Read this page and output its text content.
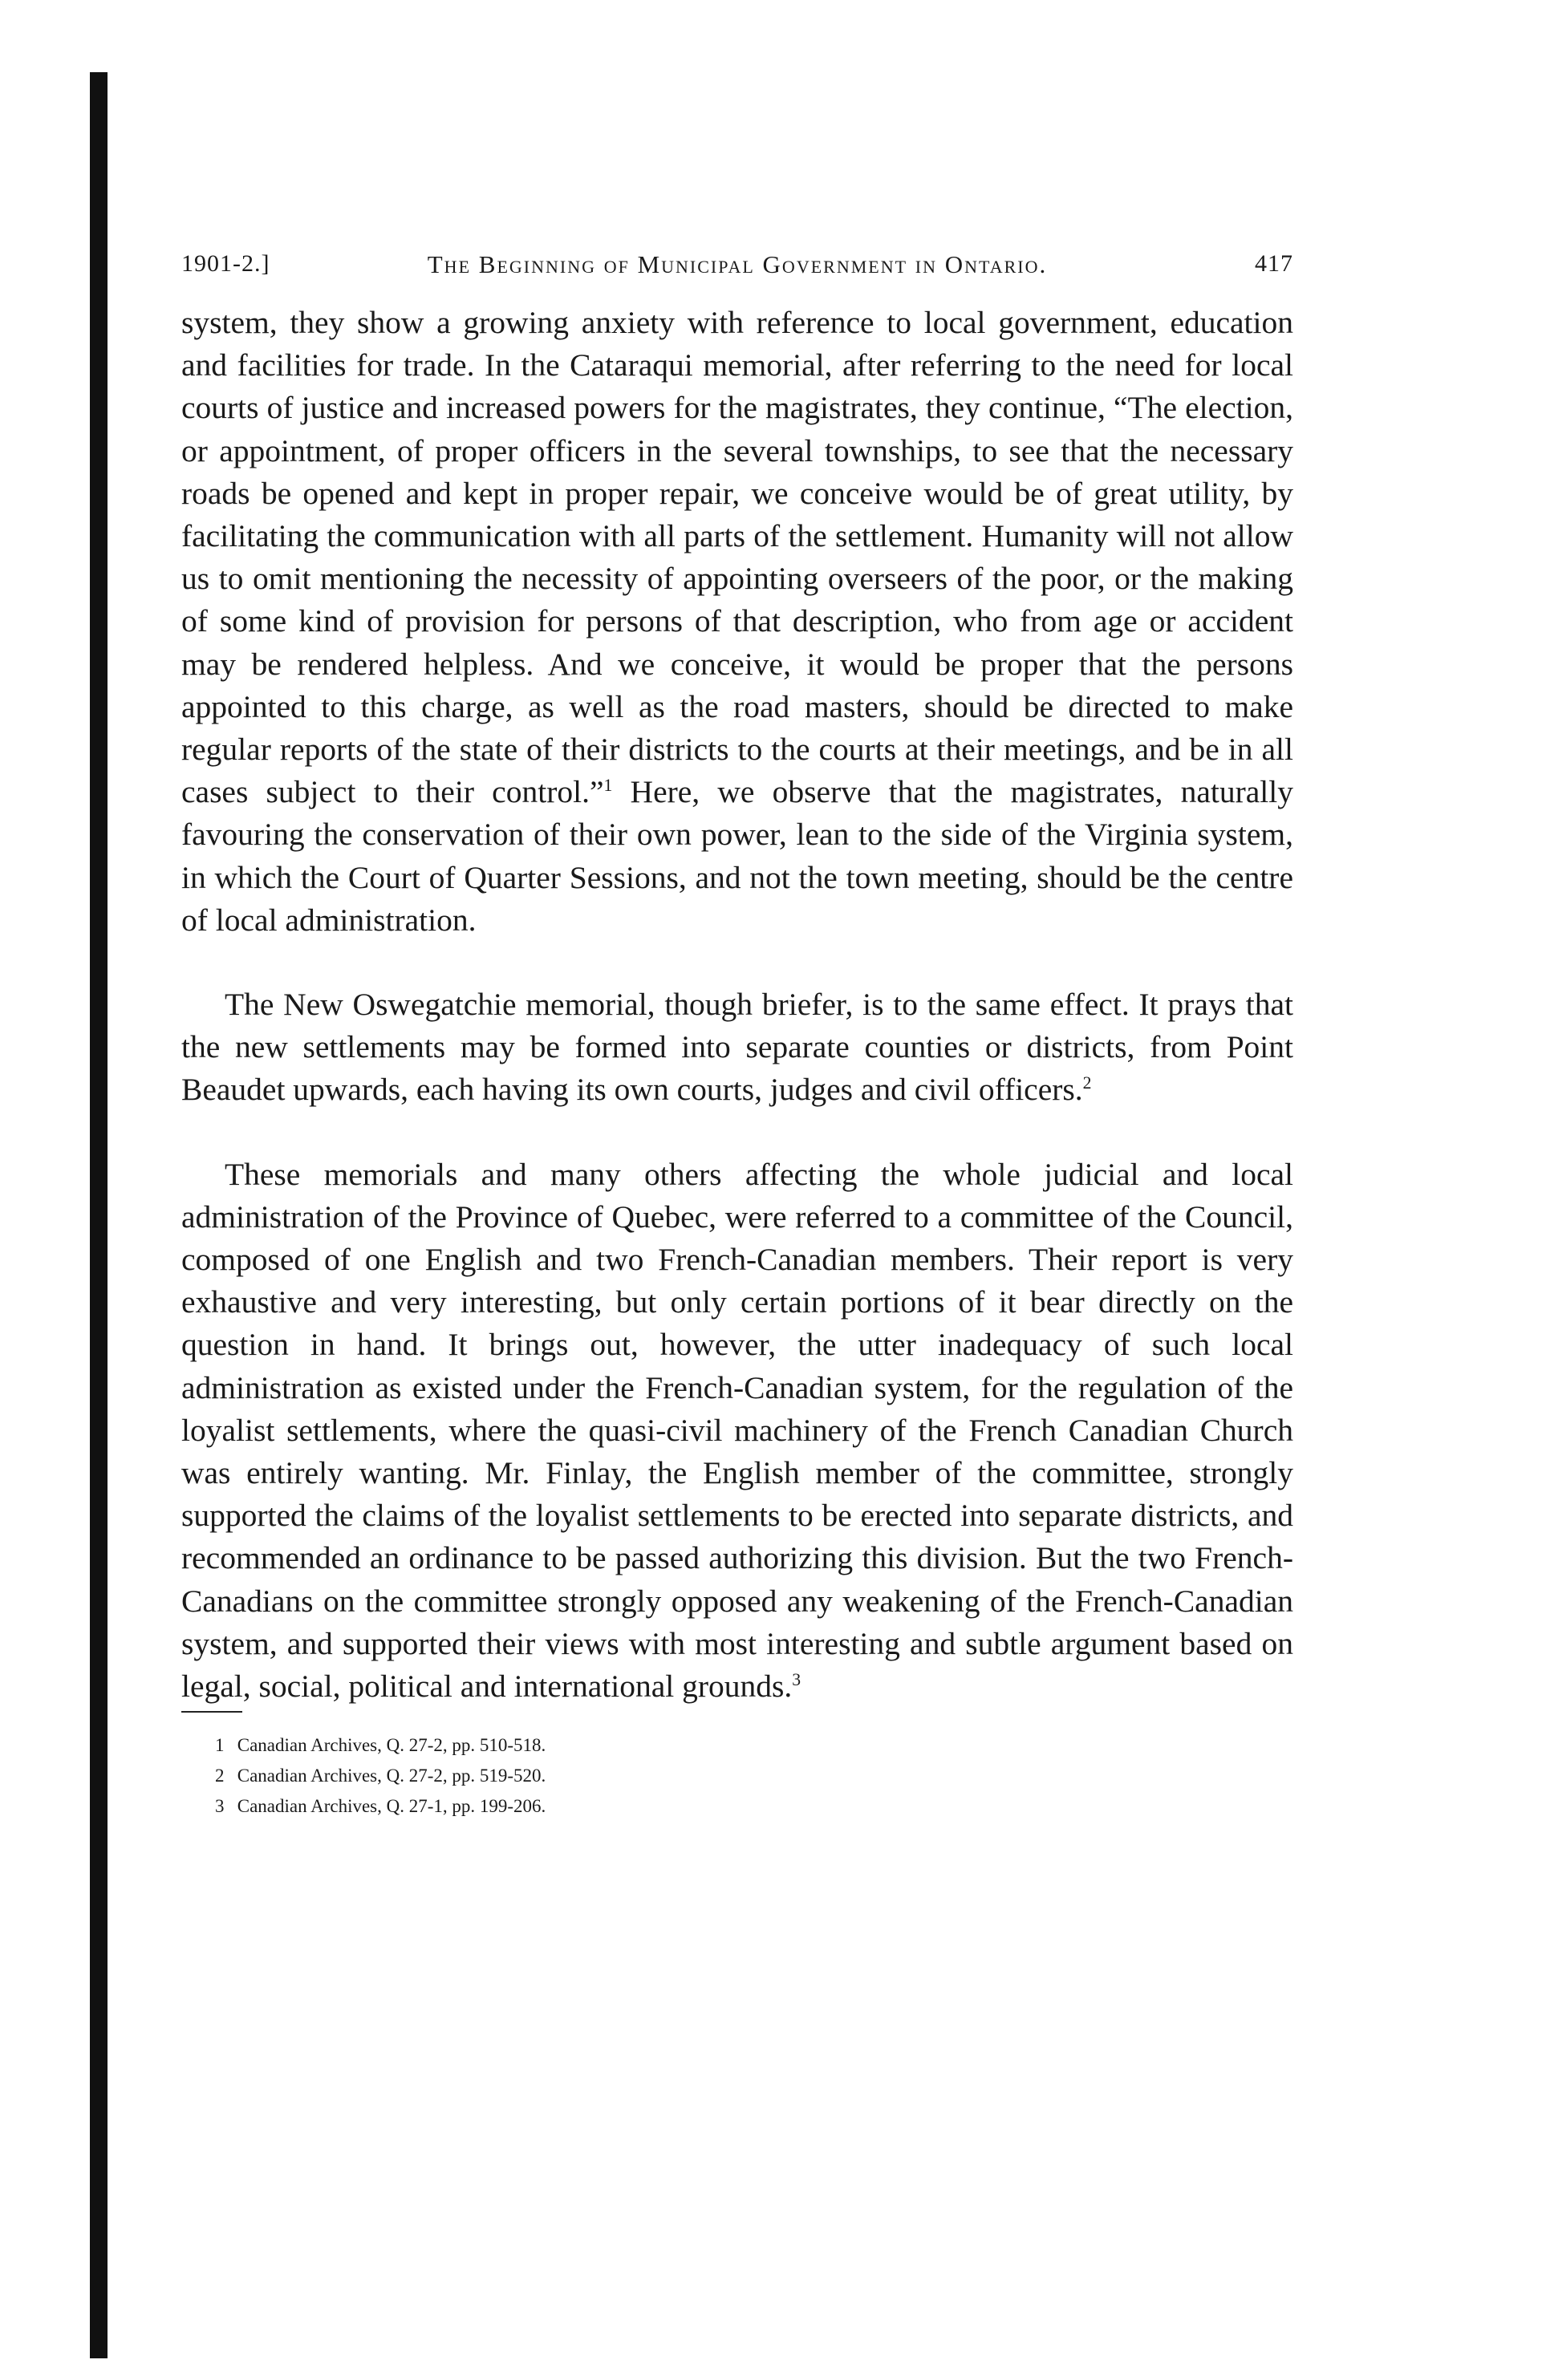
1901-2.]	The Beginning of Municipal Government in Ontario.	417

system, they show a growing anxiety with reference to local government, education and facilities for trade. In the Cataraqui memorial, after referring to the need for local courts of justice and increased powers for the magistrates, they continue, “The election, or appointment, of proper officers in the several townships, to see that the necessary roads be opened and kept in proper repair, we conceive would be of great utility, by facilitating the communication with all parts of the settlement. Humanity will not allow us to omit mentioning the necessity of appointing overseers of the poor, or the making of some kind of provision for persons of that description, who from age or accident may be rendered helpless. And we conceive, it would be proper that the persons appointed to this charge, as well as the road masters, should be directed to make regular reports of the state of their districts to the courts at their meetings, and be in all cases subject to their control.”$^1$ Here, we observe that the magistrates, naturally favouring the conservation of their own power, lean to the side of the Virginia system, in which the Court of Quarter Sessions, and not the town meeting, should be the centre of local administration.

The New Oswegatchie memorial, though briefer, is to the same effect. It prays that the new settlements may be formed into separate counties or districts, from Point Beaudet upwards, each having its own courts, judges and civil officers.$^2$

These memorials and many others affecting the whole judicial and local administration of the Province of Quebec, were referred to a committee of the Council, composed of one English and two French-Canadian members. Their report is very exhaustive and very interesting, but only certain portions of it bear directly on the question in hand. It brings out, however, the utter inadequacy of such local administration as existed under the French-Canadian system, for the regulation of the loyalist settlements, where the quasi-civil machinery of the French Canadian Church was entirely wanting. Mr. Finlay, the English member of the committee, strongly supported the claims of the loyalist settlements to be erected into separate districts, and recommended an ordinance to be passed authorizing this division. But the two French-Canadians on the committee strongly opposed any weakening of the French-Canadian system, and supported their views with most interesting and subtle argument based on legal, social, political and international grounds.$^3$

1 Canadian Archives, Q. 27-2, pp. 510-518.
2 Canadian Archives, Q. 27-2, pp. 519-520.
3 Canadian Archives, Q. 27-1, pp. 199-206.
